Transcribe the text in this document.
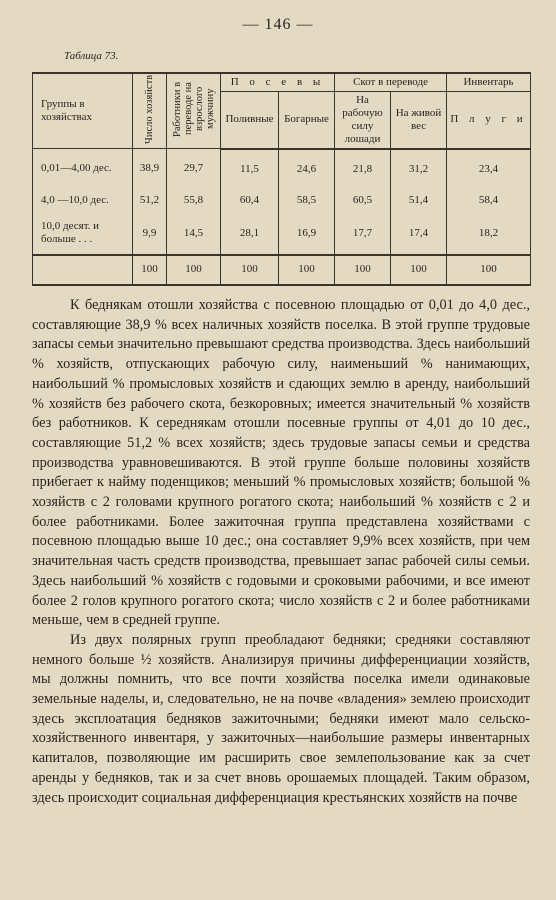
— 146 —
Таблица 73.
Группы в хозяйствах	Число хозяйств	Работники в переводе на взрослого мужчину	П о с е в ы		Скот в переводе		Инвентарь
			Поливные	Богарные	На рабочую силу лошади	На живой вес	П л у г и
0,01—4,00 дес.	38,9	29,7	11,5	24,6	21,8	31,2	23,4
4,0 —10,0 дес.	51,2	55,8	60,4	58,5	60,5	51,4	58,4
10,0 десят. и больше . . .	9,9	14,5	28,1	16,9	17,7	17,4	18,2
	100	100	100	100	100	100	100

К беднякам отошли хозяйства с посевною площадью от 0,01 до 4,0 дес., составляющие 38,9 % всех наличных хозяйств поселка. В этой группе трудовые запасы семьи значительно превышают средства производства. Здесь наибольший % хозяйств, отпускающих рабочую силу, наименьший % нанимающих, наибольший % промысловых хозяйств и сдающих землю в аренду, наибольший % хозяйств без рабочего скота, безкоровных; имеется значительный % хозяйств без работников. К середнякам отошли посевные группы от 4,01 до 10 дес., составляющие 51,2 % всех хозяйств; здесь трудовые запасы семьи и средства производства уравновешиваются. В этой группе больше половины хозяйств прибегает к найму поденщиков; меньший % промысловых хозяйств; большой % хозяйств с 2 головами крупного рогатого скота; наибольший % хозяйств с 2 и более работниками. Более зажиточная группа представлена хозяйствами с посевною площадью выше 10 дес.; она составляет 9,9% всех хозяйств, при чем значительная часть средств производства, превышает запас рабочей силы семьи. Здесь наибольший % хозяйств с годовыми и сроковыми рабочими, и все имеют более 2 голов крупного рогатого скота; число хозяйств с 2 и более работниками меньше, чем в средней группе.

Из двух полярных групп преобладают бедняки; средняки составляют немного больше ½ хозяйств. Анализируя причины дифференциации хозяйств, мы должны помнить, что все почти хозяйства поселка имели одинаковые земельные наделы, и, следовательно, не на почве «владения» землею происходит здесь эксплоатация бедняков зажиточными; бедняки имеют мало сельско-хозяйственного инвентаря, у зажиточных—наибольшие размеры инвентарных капиталов, позволяющие им расширить свое землепользование как за счет аренды у бедняков, так и за счет вновь орошаемых площадей. Таким образом, здесь происходит социальная дифференциация крестьянских хозяйств на почве
